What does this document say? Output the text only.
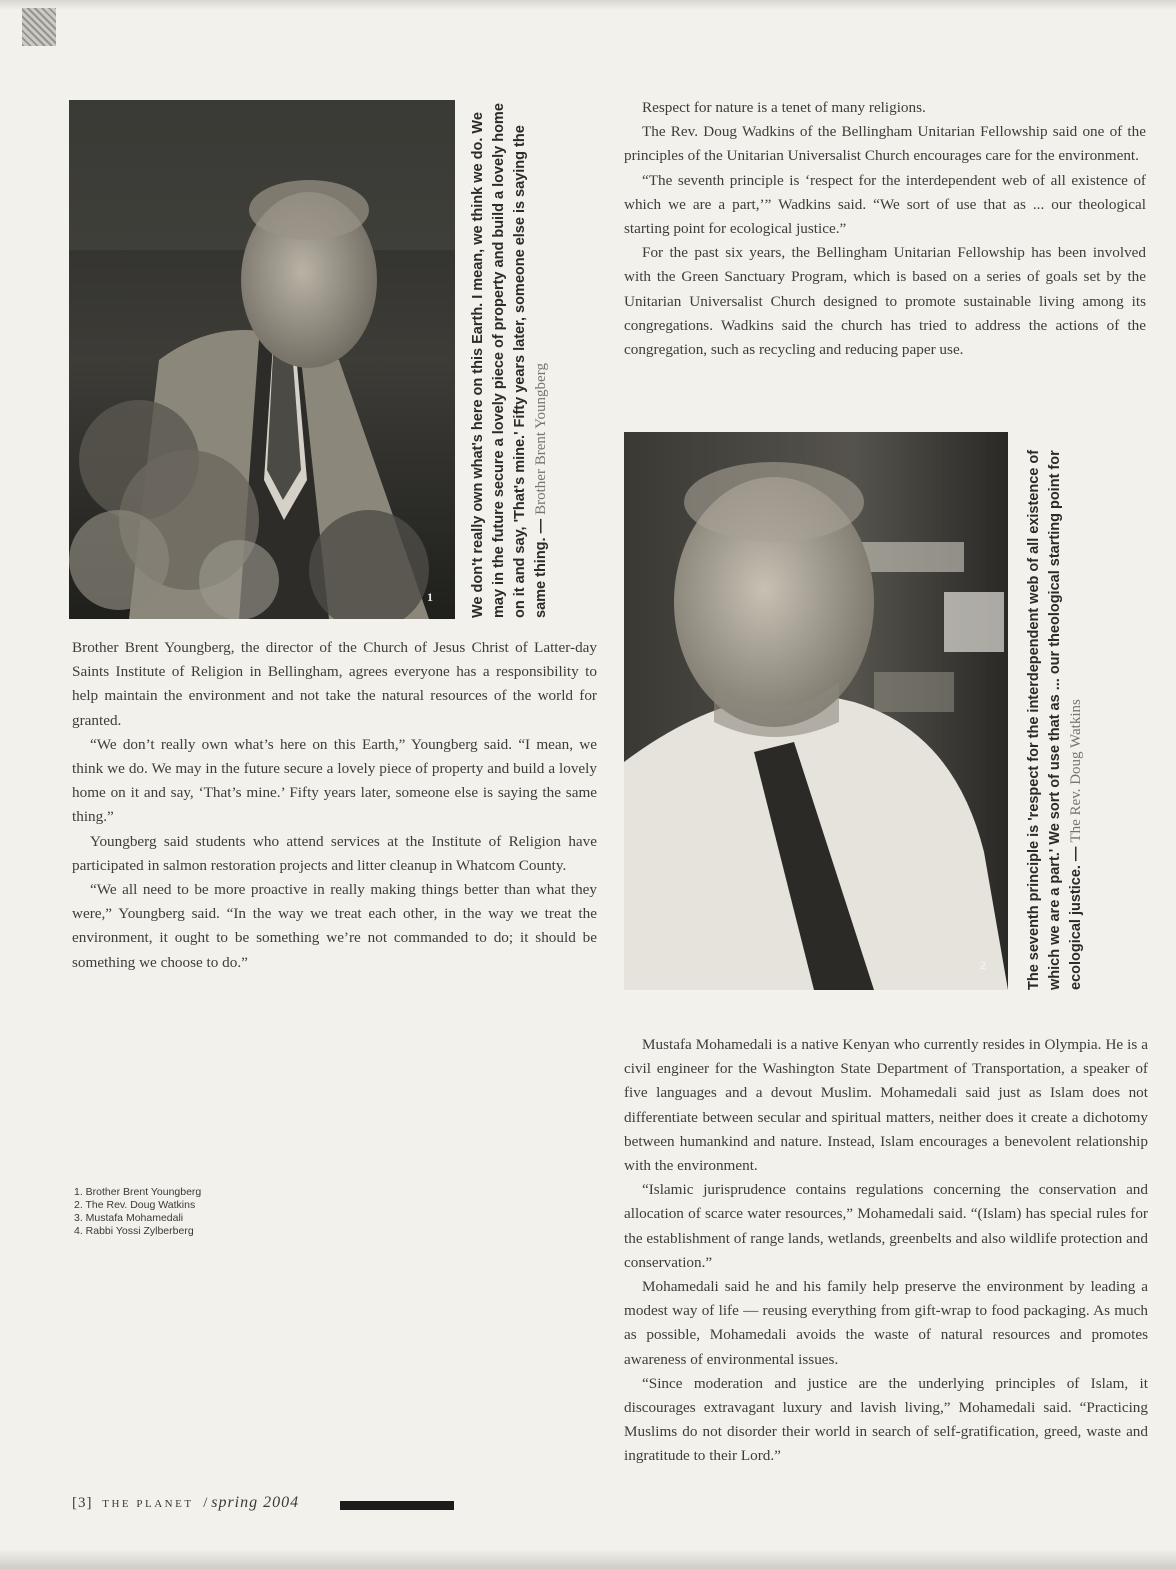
1	We don't really own what's here on this Earth. I mean, we think we do. We may in the future secure a lovely piece of property and build a lovely home on it and say, 'That's mine.' Fifty years later, someone else is saying the same thing. — Brother Brent Youngberg

Brother Brent Youngberg, the director of the Church of Jesus Christ of Latter-day Saints Institute of Religion in Bellingham, agrees everyone has a responsibility to help maintain the environment and not take the natural resources of the world for granted.

“We don’t really own what’s here on this Earth,” Youngberg said. “I mean, we think we do. We may in the future secure a lovely piece of property and build a lovely home on it and say, ‘That’s mine.’ Fifty years later, someone else is saying the same thing.”

Youngberg said students who attend services at the Institute of Religion have participated in salmon restoration projects and litter cleanup in Whatcom County.

“We all need to be more proactive in really making things better than what they were,” Youngberg said. “In the way we treat each other, in the way we treat the environment, it ought to be something we’re not commanded to do; it should be something we choose to do.”

1. Brother Brent Youngberg
2. The Rev. Doug Watkins
3. Mustafa Mohamedali
4. Rabbi Yossi Zylberberg

Respect for nature is a tenet of many religions.

The Rev. Doug Wadkins of the Bellingham Unitarian Fellowship said one of the principles of the Unitarian Universalist Church encourages care for the environment.

“The seventh principle is ‘respect for the interdependent web of all existence of which we are a part,’” Wadkins said. “We sort of use that as ... our theological starting point for ecological justice.”

For the past six years, the Bellingham Unitarian Fellowship has been involved with the Green Sanctuary Program, which is based on a series of goals set by the Unitarian Universalist Church designed to promote sustainable living among its congregations. Wadkins said the church has tried to address the actions of the congregation, such as recycling and reducing paper use.

2	The seventh principle is 'respect for the interdependent web of all existence of which we are a part.' We sort of use that as ... our theological starting point for ecological justice. — The Rev. Doug Watkins

Mustafa Mohamedali is a native Kenyan who currently resides in Olympia. He is a civil engineer for the Washington State Department of Transportation, a speaker of five languages and a devout Muslim. Mohamedali said just as Islam does not differentiate between secular and spiritual matters, neither does it create a dichotomy between humankind and nature. Instead, Islam encourages a benevolent relationship with the environment.

“Islamic jurisprudence contains regulations concerning the conservation and allocation of scarce water resources,” Mohamedali said. “(Islam) has special rules for the establishment of range lands, wetlands, greenbelts and also wildlife protection and conservation.”

Mohamedali said he and his family help preserve the environment by leading a modest way of life — reusing everything from gift-wrap to food packaging. As much as possible, Mohamedali avoids the waste of natural resources and promotes awareness of environmental issues.

“Since moderation and justice are the underlying principles of Islam, it discourages extravagant luxury and lavish living,” Mohamedali said. “Practicing Muslims do not disorder their world in search of self-gratification, greed, waste and ingratitude to their Lord.”

[3] THE PLANET / spring 2004
